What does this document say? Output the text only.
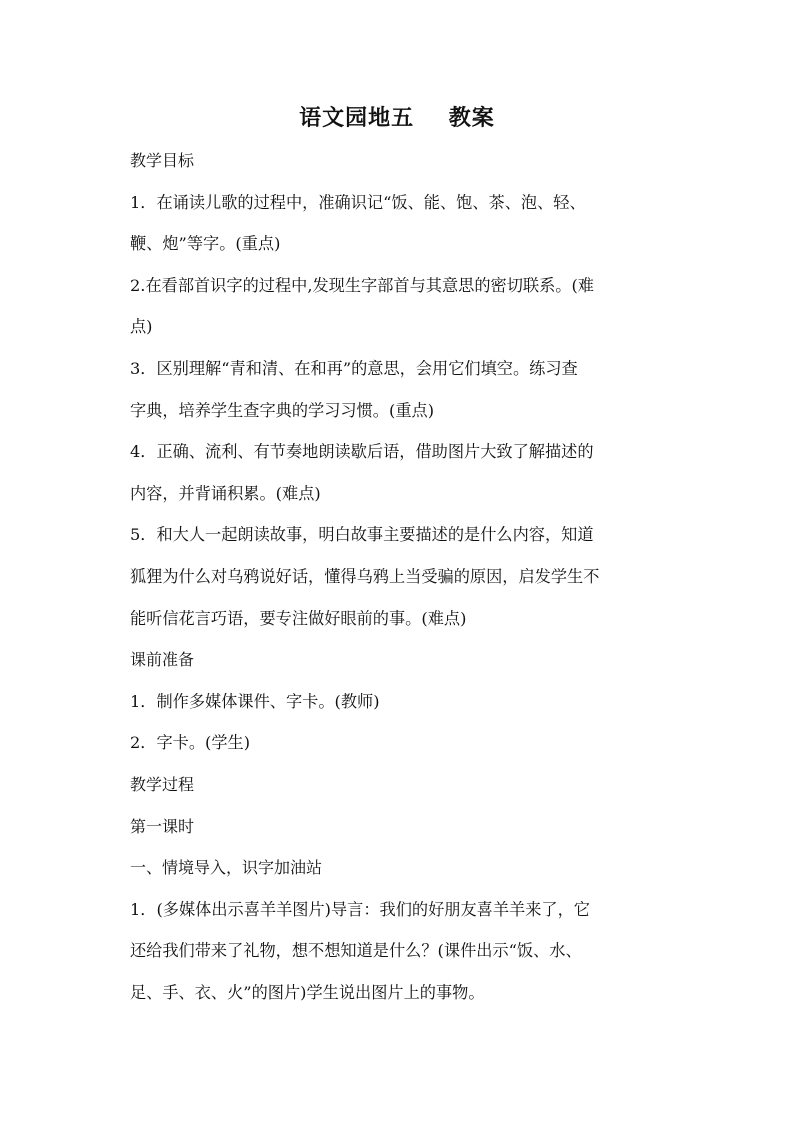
语文园地五    教案
教学目标
1．在诵读儿歌的过程中，准确识记“饭、能、饱、茶、泡、轻、
鞭、炮”等字。(重点)
2.在看部首识字的过程中,发现生字部首与其意思的密切联系。(难
点)
3．区别理解“青和清、在和再”的意思，会用它们填空。练习查
字典，培养学生查字典的学习习惯。(重点)
4．正确、流利、有节奏地朗读歇后语，借助图片大致了解描述的
内容，并背诵积累。(难点)
5．和大人一起朗读故事，明白故事主要描述的是什么内容，知道
狐狸为什么对乌鸦说好话，懂得乌鸦上当受骗的原因，启发学生不
能听信花言巧语，要专注做好眼前的事。(难点)
课前准备
1．制作多媒体课件、字卡。(教师)
2．字卡。(学生)
教学过程
第一课时
一、情境导入，识字加油站
1．(多媒体出示喜羊羊图片)导言：我们的好朋友喜羊羊来了，它
还给我们带来了礼物，想不想知道是什么？(课件出示“饭、水、
足、手、衣、火”的图片)学生说出图片上的事物。
